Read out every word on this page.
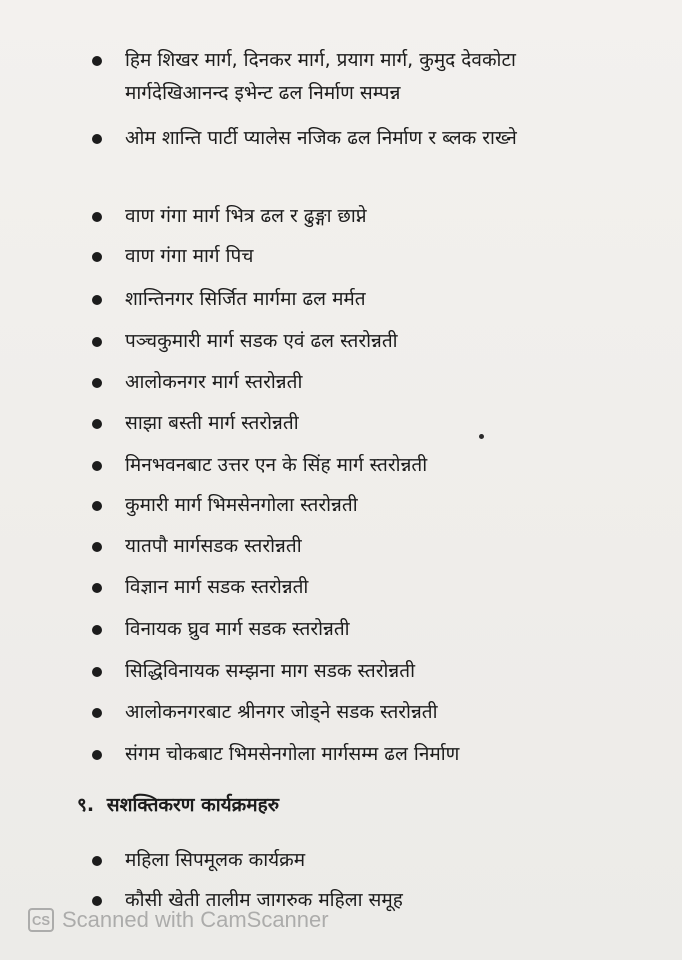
हिम शिखर मार्ग, दिनकर मार्ग, प्रयाग मार्ग, कुमुद देवकोटा मार्गदेखिआनन्द इभेन्ट ढल निर्माण सम्पन्न
ओम शान्ति पार्टी प्यालेस नजिक ढल निर्माण र ब्लक राख्ने
वाण गंगा मार्ग भित्र ढल र ढुङ्गा छाप्ने
वाण गंगा मार्ग पिच
शान्तिनगर सिर्जित मार्गमा ढल मर्मत
पञ्चकुमारी मार्ग सडक एवं ढल स्तरोन्नती
आलोकनगर मार्ग स्तरोन्नती
साझा बस्ती मार्ग स्तरोन्नती
मिनभवनबाट उत्तर एन के सिंह मार्ग स्तरोन्नती
कुमारी मार्ग भिमसेनगोला स्तरोन्नती
यातपौ मार्गसडक स्तरोन्नती
विज्ञान मार्ग सडक स्तरोन्नती
विनायक घ्रुव मार्ग सडक स्तरोन्नती
सिद्धिविनायक सम्झना माग सडक स्तरोन्नती
आलोकनगरबाट श्रीनगर जोड्ने सडक स्तरोन्नती
संगम चोकबाट भिमसेनगोला मार्गसम्म ढल निर्माण
९. सशक्तिकरण कार्यक्रमहरु
महिला सिपमूलक कार्यक्रम
कौसी खेती तालीम जागरुक महिला समूह
CS Scanned with CamScanner
